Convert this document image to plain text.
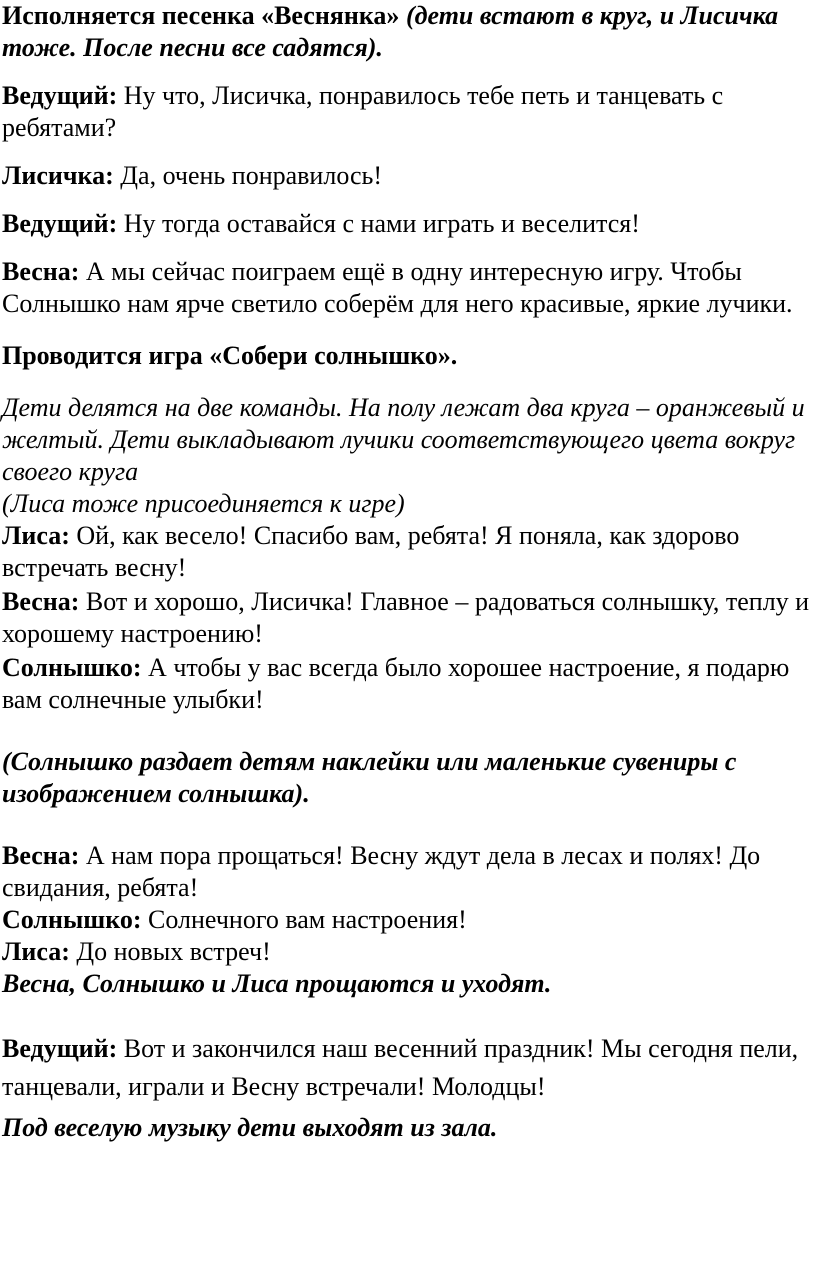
Исполняется песенка «Веснянка» (дети встают в круг, и Лисичка тоже. После песни все садятся).

Ведущий: Ну что, Лисичка, понравилось тебе петь и танцевать с ребятами?

Лисичка: Да, очень понравилось!

Ведущий: Ну тогда оставайся с нами играть и веселится!

Весна: А мы сейчас поиграем ещё в одну интересную игру. Чтобы Солнышко нам ярче светило соберём для него красивые, яркие лучики.

Проводится игра «Собери солнышко».

Дети делятся на две команды. На полу лежат два круга – оранжевый и желтый. Дети выкладывают лучики соответствующего цвета вокруг своего круга

(Лиса тоже присоединяется к игре)

Лиса: Ой, как весело! Спасибо вам, ребята! Я поняла, как здорово встречать весну!

Весна: Вот и хорошо, Лисичка! Главное – радоваться солнышку, теплу и хорошему настроению!

Солнышко: А чтобы у вас всегда было хорошее настроение, я подарю вам солнечные улыбки!

(Солнышко раздает детям наклейки или маленькие сувениры с изображением солнышка).

Весна: А нам пора прощаться! Весну ждут дела в лесах и полях! До свидания, ребята!

Солнышко: Солнечного вам настроения!

Лиса: До новых встреч!

Весна, Солнышко и Лиса прощаются и уходят.

Ведущий: Вот и закончился наш весенний праздник! Мы сегодня пели, танцевали, играли и Весну встречали! Молодцы!

Под веселую музыку дети выходят из зала.
